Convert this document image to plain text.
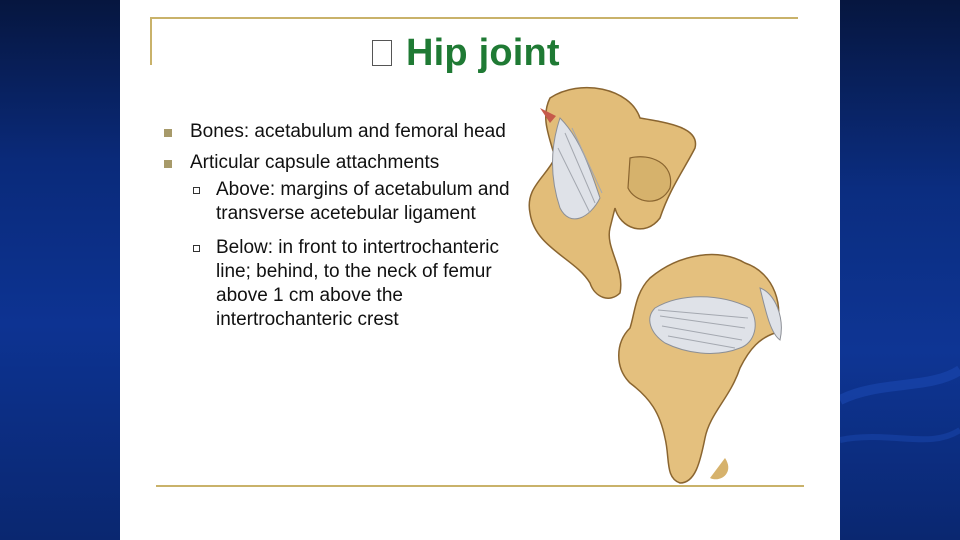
Hip joint
Bones: acetabulum and femoral head
Articular capsule attachments
Above: margins of acetabulum and transverse acetebular ligament
Below: in front to intertrochanteric line; behind, to the neck of femur above 1 cm above the intertrochanteric crest
